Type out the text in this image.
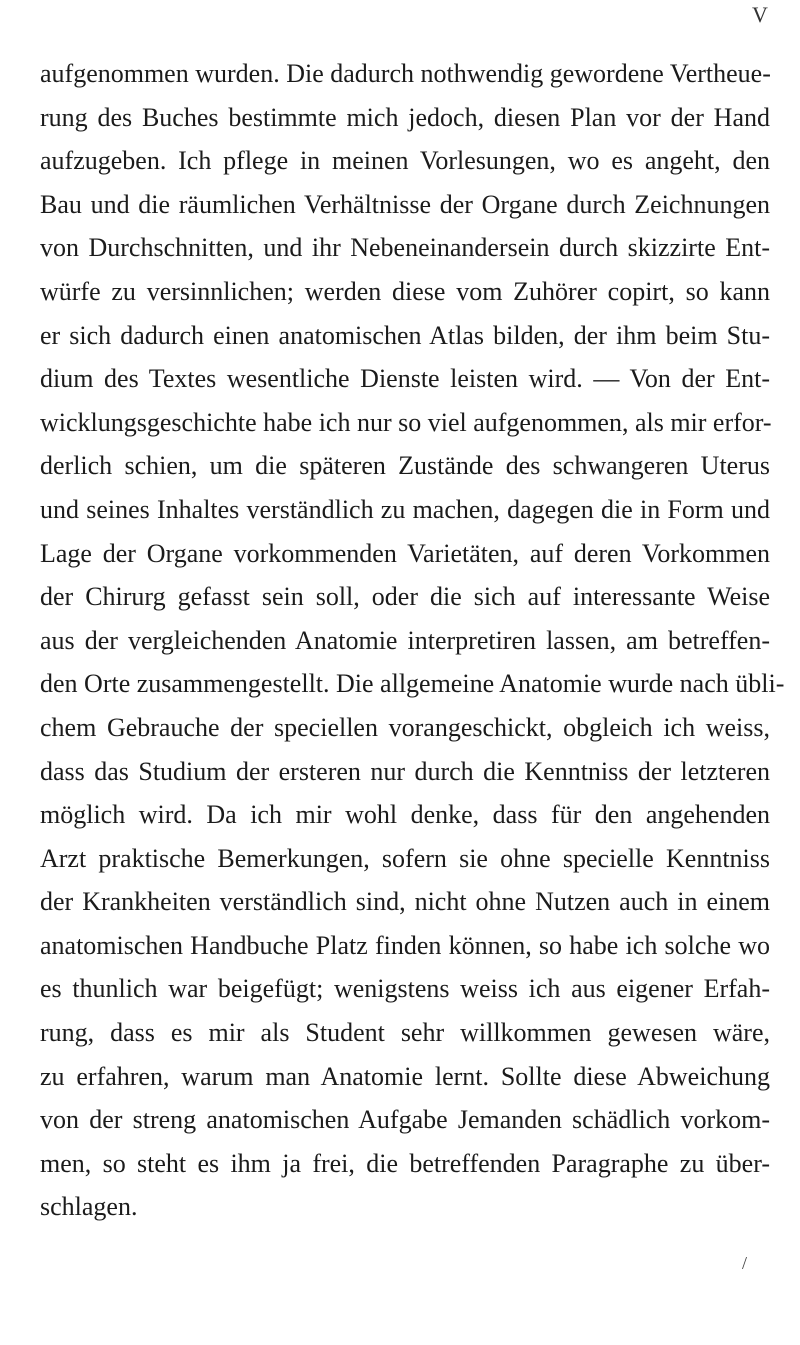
V
aufgenommen wurden. Die dadurch nothwendig gewordene Vertheue-
rung des Buches bestimmte mich jedoch, diesen Plan vor der Hand
aufzugeben. Ich pflege in meinen Vorlesungen, wo es angeht, den
Bau und die räumlichen Verhältnisse der Organe durch Zeichnungen
von Durchschnitten, und ihr Nebeneinandersein durch skizzirte Ent-
würfe zu versinnlichen; werden diese vom Zuhörer copirt, so kann
er sich dadurch einen anatomischen Atlas bilden, der ihm beim Stu-
dium des Textes wesentliche Dienste leisten wird. — Von der Ent-
wicklungsgeschichte habe ich nur so viel aufgenommen, als mir erfor-
derlich schien, um die späteren Zustände des schwangeren Uterus
und seines Inhaltes verständlich zu machen, dagegen die in Form und
Lage der Organe vorkommenden Varietäten, auf deren Vorkommen
der Chirurg gefasst sein soll, oder die sich auf interessante Weise
aus der vergleichenden Anatomie interpretiren lassen, am betreffen-
den Orte zusammengestellt. Die allgemeine Anatomie wurde nach übli-
chem Gebrauche der speciellen vorangeschickt, obgleich ich weiss,
dass das Studium der ersteren nur durch die Kenntniss der letzteren
möglich wird. Da ich mir wohl denke, dass für den angehenden
Arzt praktische Bemerkungen, sofern sie ohne specielle Kenntniss
der Krankheiten verständlich sind, nicht ohne Nutzen auch in einem
anatomischen Handbuche Platz finden können, so habe ich solche wo
es thunlich war beigefügt; wenigstens weiss ich aus eigener Erfah-
rung, dass es mir als Student sehr willkommen gewesen wäre,
zu erfahren, warum man Anatomie lernt. Sollte diese Abweichung
von der streng anatomischen Aufgabe Jemanden schädlich vorkom-
men, so steht es ihm ja frei, die betreffenden Paragraphe zu über-
schlagen.
/
